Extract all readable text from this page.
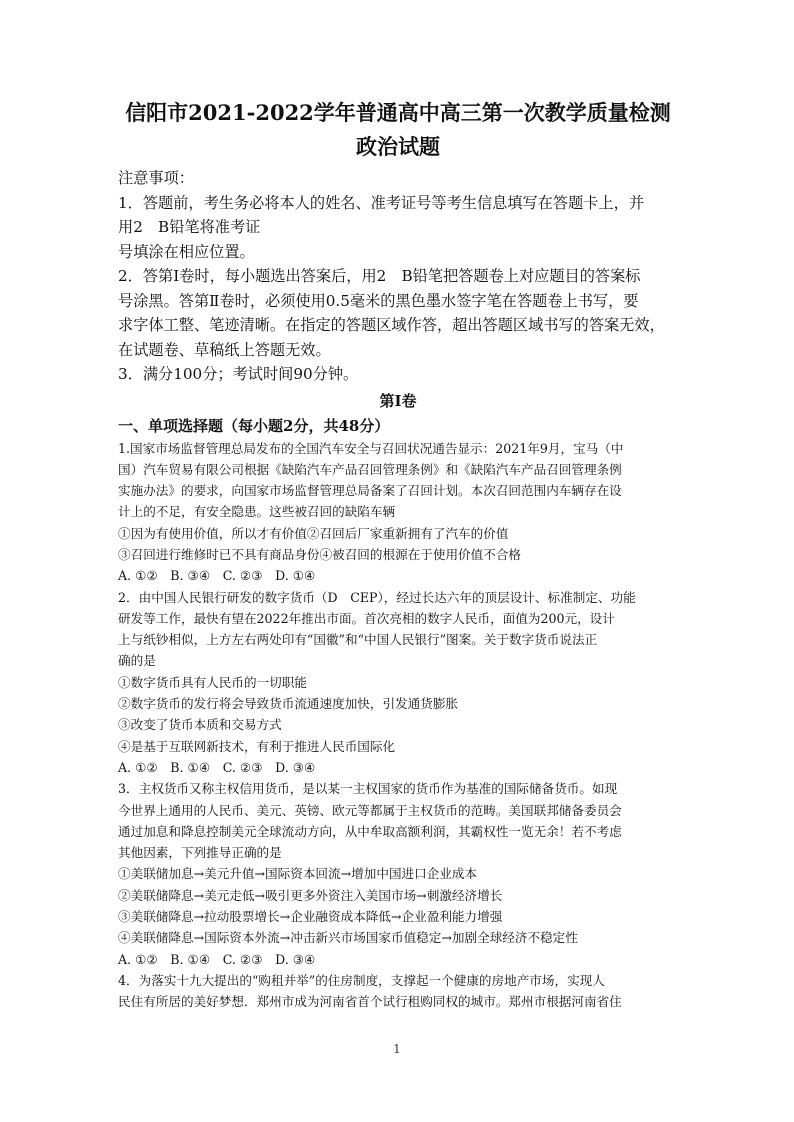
信阳市2021-2022学年普通高中高三第一次教学质量检测
政治试题

注意事项：

1．答题前，考生务必将本人的姓名、准考证号等考生信息填写在答题卡上，并

用2　B铅笔将准考证

号填涂在相应位置。

2．答第Ⅰ卷时，每小题选出答案后，用2　B铅笔把答题卷上对应题目的答案标

号涂黑。答第Ⅱ卷时，必须使用0.5毫米的黑色墨水签字笔在答题卷上书写，要

求字体工整、笔迹清晰。在指定的答题区域作答，超出答题区域书写的答案无效，

在试题卷、草稿纸上答题无效。

3．满分100分；考试时间90分钟。

第Ⅰ卷
一、单项选择题（每小题2分，共48分）

1.国家市场监督管理总局发布的全国汽车安全与召回状况通告显示：2021年9月，宝马（中

国）汽车贸易有限公司根据《缺陷汽车产品召回管理条例》和《缺陷汽车产品召回管理条例

实施办法》的要求，向国家市场监督管理总局备案了召回计划。本次召回范围内车辆存在设

计上的不足，有安全隐患。这些被召回的缺陷车辆

①因为有使用价值，所以才有价值②召回后厂家重新拥有了汽车的价值

③召回进行维修时已不具有商品身份④被召回的根源在于使用价值不合格

A. ①②　B. ③④　C. ②③　D. ①④

2．由中国人民银行研发的数字货币（D　CEP），经过长达六年的顶层设计、标准制定、功能

研发等工作，最快有望在2022年推出市面。首次亮相的数字人民币，面值为200元，设计

上与纸钞相似，上方左右两处印有“国徽”和“中国人民银行”图案。关于数字货币说法正

确的是

①数字货币具有人民币的一切职能

②数字货币的发行将会导致货币流通速度加快，引发通货膨胀

③改变了货币本质和交易方式

④是基于互联网新技术，有利于推进人民币国际化

A. ①②　B. ①④　C. ②③　D. ③④

3．主权货币又称主权信用货币，是以某一主权国家的货币作为基准的国际储备货币。如现

今世界上通用的人民币、美元、英镑、欧元等都属于主权货币的范畴。美国联邦储备委员会

通过加息和降息控制美元全球流动方向，从中牟取高额利润，其霸权性一览无余！若不考虑

其他因素，下列推导正确的是

①美联储加息→美元升值→国际资本回流→增加中国进口企业成本

②美联储降息→美元走低→吸引更多外资注入美国市场→刺激经济增长

③美联储降息→拉动股票增长→企业融资成本降低→企业盈利能力增强

④美联储降息→国际资本外流→冲击新兴市场国家币值稳定→加剧全球经济不稳定性

A. ①②　B. ①④　C. ②③　D. ③④

4．为落实十九大提出的“购租并举”的住房制度，支撑起一个健康的房地产市场，实现人

民住有所居的美好梦想．郑州市成为河南省首个试行租购同权的城市。郑州市根据河南省住

1
